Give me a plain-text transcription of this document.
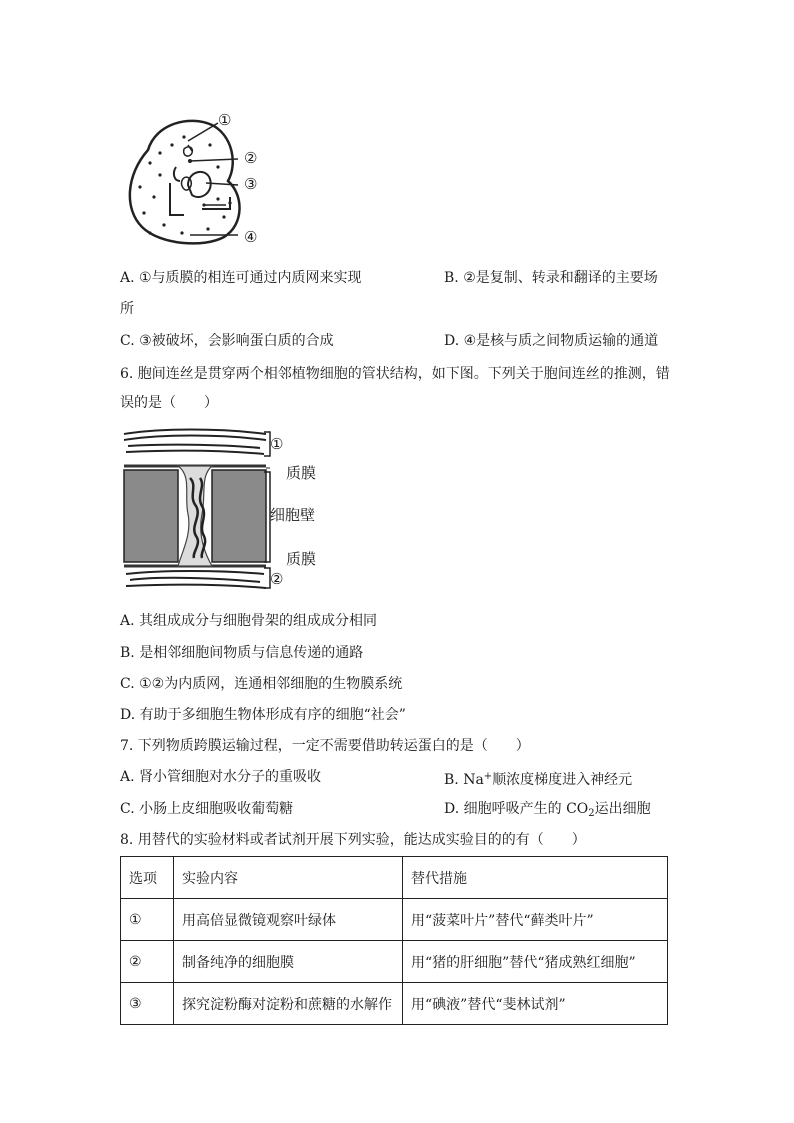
①
②
③
④
A. ①与质膜的相连可通过内质网来实现	B. ②是复制、转录和翻译的主要场
所
C. ③被破坏，会影响蛋白质的合成	D. ④是核与质之间物质运输的通道
6. 胞间连丝是贯穿两个相邻植物细胞的管状结构，如下图。下列关于胞间连丝的推测，错
误的是（　　）
①
质膜
细胞壁
质膜
②
A. 其组成成分与细胞骨架的组成成分相同
B. 是相邻细胞间物质与信息传递的通路
C. ①②为内质网，连通相邻细胞的生物膜系统
D. 有助于多细胞生物体形成有序的细胞“社会”
7. 下列物质跨膜运输过程，一定不需要借助转运蛋白的是（　　）
A. 肾小管细胞对水分子的重吸收	B. Na+顺浓度梯度进入神经元
C. 小肠上皮细胞吸收葡萄糖	D. 细胞呼吸产生的 $CO_2$运出细胞
8. 用替代的实验材料或者试剂开展下列实验，能达成实验目的的有（　　）
选项	实验内容	替代措施
①	用高倍显微镜观察叶绿体	用“菠菜叶片”替代“藓类叶片”
②	制备纯净的细胞膜	用“猪的肝细胞”替代“猪成熟红细胞”
③	探究淀粉酶对淀粉和蔗糖的水解作	用“碘液”替代“斐林试剂”
